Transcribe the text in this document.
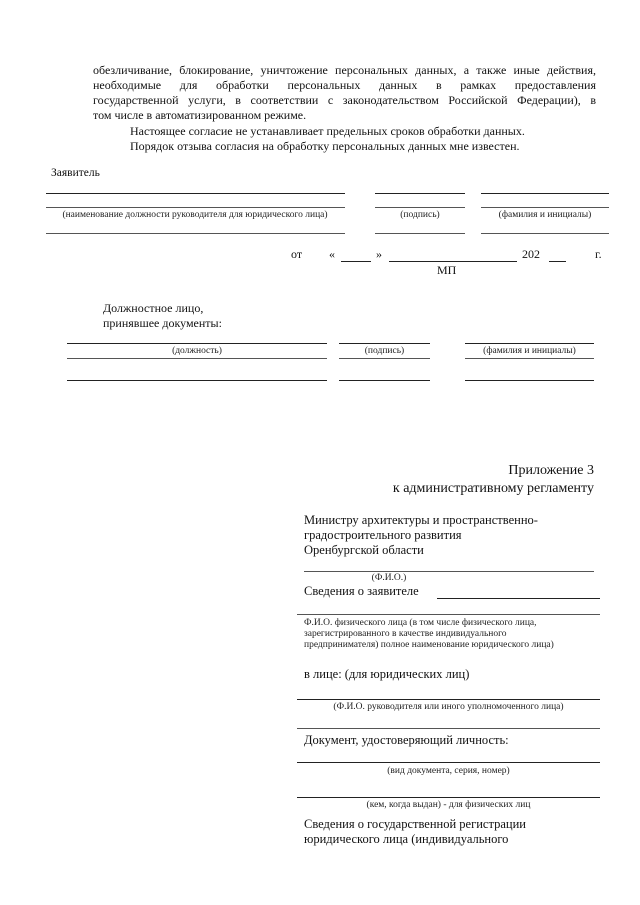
обезличивание, блокирование, уничтожение персональных данных, а также иные действия,
необходимые для обработки персональных данных в рамках предоставления
государственной услуги, в соответствии с законодательством Российской Федерации), в
том числе в автоматизированном режиме.
Настоящее согласие не устанавливает предельных сроков обработки данных.
Порядок отзыва согласия на обработку персональных данных мне известен.
Заявитель
(наименование должности руководителя для юридического лица)	(подпись)	(фамилия и инициалы)
от «	»	202	г.
МП
Должностное лицо,
принявшее документы:
(должность)	(подпись)	(фамилия и инициалы)
Приложение 3
к административному регламенту
Министру архитектуры и пространственно-
градостроительного развития
Оренбургской области
(Ф.И.О.)
Сведения о заявителе
Ф.И.О. физического лица (в том числе физического лица,
зарегистрированного в качестве индивидуального
предпринимателя) полное наименование юридического лица)
в лице: (для юридических лиц)
(Ф.И.О. руководителя или иного уполномоченного лица)
Документ, удостоверяющий личность:
(вид документа, серия, номер)
(кем, когда выдан) - для физических лиц
Сведения о государственной регистрации
юридического лица (индивидуального
